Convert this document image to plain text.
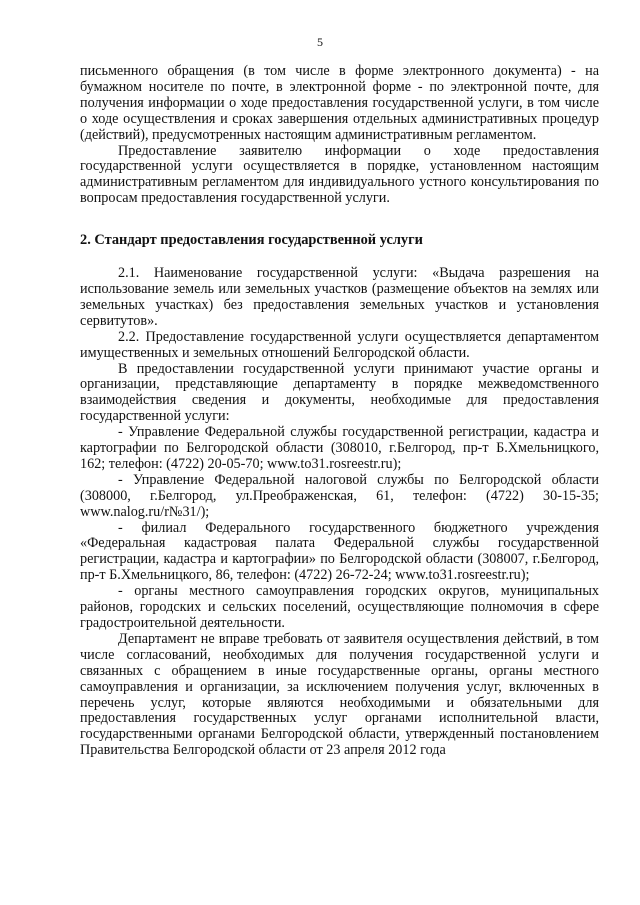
5

письменного обращения (в том числе в форме электронного документа) - на бумажном носителе по почте, в электронной форме - по электронной почте, для получения информации о ходе предоставления государственной услуги, в том числе о ходе осуществления и сроках завершения отдельных административных процедур (действий), предусмотренных настоящим административным регламентом.

Предоставление заявителю информации о ходе предоставления государственной услуги осуществляется в порядке, установленном настоящим административным регламентом для индивидуального устного консультирования по вопросам предоставления государственной услуги.

2. Стандарт предоставления государственной услуги

2.1. Наименование государственной услуги: «Выдача разрешения на использование земель или земельных участков (размещение объектов на землях или земельных участках) без предоставления земельных участков и установления сервитутов».

2.2. Предоставление государственной услуги осуществляется департаментом имущественных и земельных отношений Белгородской области.

В предоставлении государственной услуги принимают участие органы и организации, представляющие департаменту в порядке межведомственного взаимодействия сведения и документы, необходимые для предоставления государственной услуги:

- Управление Федеральной службы государственной регистрации, кадастра и картографии по Белгородской области (308010, г.Белгород, пр-т Б.Хмельницкого, 162; телефон: (4722) 20-05-70; www.to31.rosreestr.ru);

- Управление Федеральной налоговой службы по Белгородской области (308000, г.Белгород, ул.Преображенская, 61, телефон: (4722) 30-15-35; www.nalog.ru/r№31/);

- филиал Федерального государственного бюджетного учреждения «Федеральная кадастровая палата Федеральной службы государственной регистрации, кадастра и картографии» по Белгородской области (308007, г.Белгород, пр-т Б.Хмельницкого, 86, телефон: (4722) 26-72-24; www.to31.rosreestr.ru);

- органы местного самоуправления городских округов, муниципальных районов, городских и сельских поселений, осуществляющие полномочия в сфере градостроительной деятельности.

Департамент не вправе требовать от заявителя осуществления действий, в том числе согласований, необходимых для получения государственной услуги и связанных с обращением в иные государственные органы, органы местного самоуправления и организации, за исключением получения услуг, включенных в перечень услуг, которые являются необходимыми и обязательными для предоставления государственных услуг органами исполнительной власти, государственными органами Белгородской области, утвержденный постановлением Правительства Белгородской области от 23 апреля 2012 года
